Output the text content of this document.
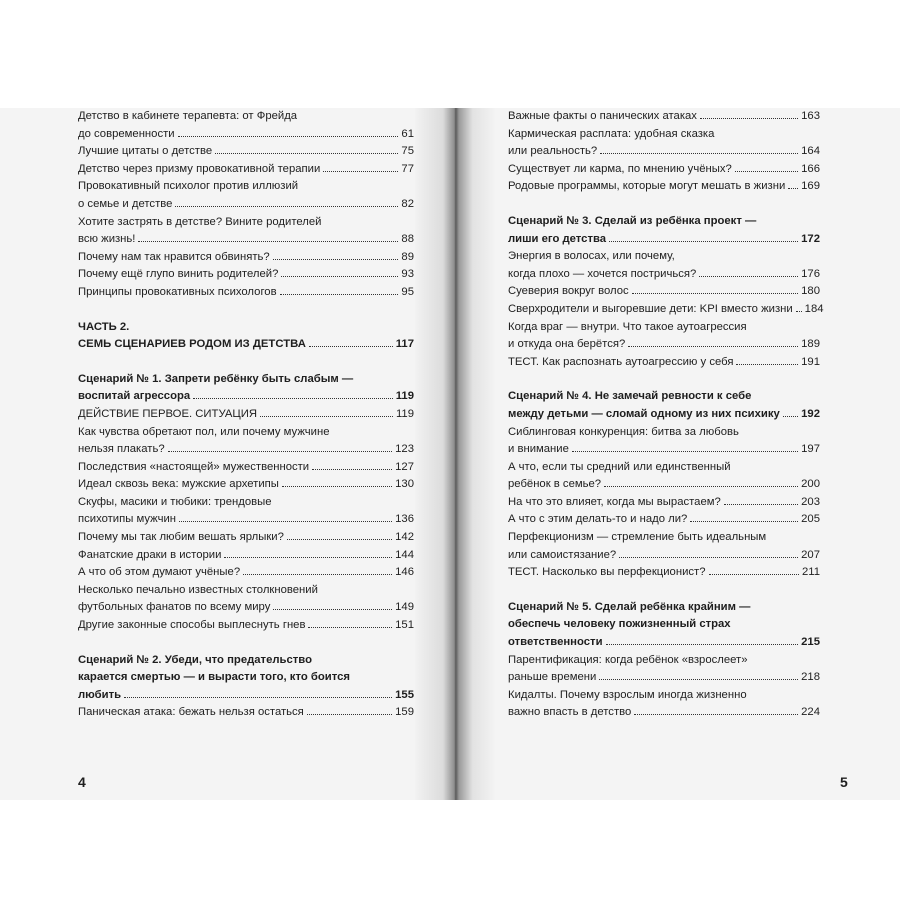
Детство в кабинете терапевта: от Фрейда
до современности	61
Лучшие цитаты о детстве	75
Детство через призму провокативной терапии	77
Провокативный психолог против иллюзий
о семье и детстве	82
Хотите застрять в детстве? Вините родителей
всю жизнь!	88
Почему нам так нравится обвинять?	89
Почему ещё глупо винить родителей?	93
Принципы провокативных психологов	95
ЧАСТЬ 2.
СЕМЬ СЦЕНАРИЕВ РОДОМ ИЗ ДЕТСТВА	117
Сценарий № 1. Запрети ребёнку быть слабым —
воспитай агрессора	119
ДЕЙСТВИЕ ПЕРВОЕ. СИТУАЦИЯ	119
Как чувства обретают пол, или почему мужчине
нельзя плакать?	123
Последствия «настоящей» мужественности	127
Идеал сквозь века: мужские архетипы	130
Скуфы, масики и тюбики: трендовые
психотипы мужчин	136
Почему мы так любим вешать ярлыки?	142
Фанатские драки в истории	144
А что об этом думают учёные?	146
Несколько печально известных столкновений
футбольных фанатов по всему миру	149
Другие законные способы выплеснуть гнев	151
Сценарий № 2. Убеди, что предательство
карается смертью — и вырасти того, кто боится
любить	155
Паническая атака: бежать нельзя остаться	159
Важные факты о панических атаках	163
Кармическая расплата: удобная сказка
или реальность?	164
Существует ли карма, по мнению учёных?	166
Родовые программы, которые могут мешать в жизни 169
Сценарий № 3. Сделай из ребёнка проект —
лиши его детства	172
Энергия в волосах, или почему,
когда плохо — хочется постричься?	176
Суеверия вокруг волос	180
Сверхродители и выгоревшие дети: KPI вместо жизни 184
Когда враг — внутри. Что такое аутоагрессия
и откуда она берётся?	189
ТЕСТ. Как распознать аутоагрессию у себя	191
Сценарий № 4. Не замечай ревности к себе
между детьми — сломай одному из них психику 192
Сиблинговая конкуренция: битва за любовь
и внимание	197
А что, если ты средний или единственный
ребёнок в семье?	200
На что это влияет, когда мы вырастаем?	203
А что с этим делать-то и надо ли?	205
Перфекционизм — стремление быть идеальным
или самоистязание?	207
ТЕСТ. Насколько вы перфекционист?	211
Сценарий № 5. Сделай ребёнка крайним —
обеспечь человеку пожизненный страх
ответственности	215
Парентификация: когда ребёнок «взрослеет»
раньше времени	218
Кидалты. Почему взрослым иногда жизненно
важно впасть в детство	224
4	5
